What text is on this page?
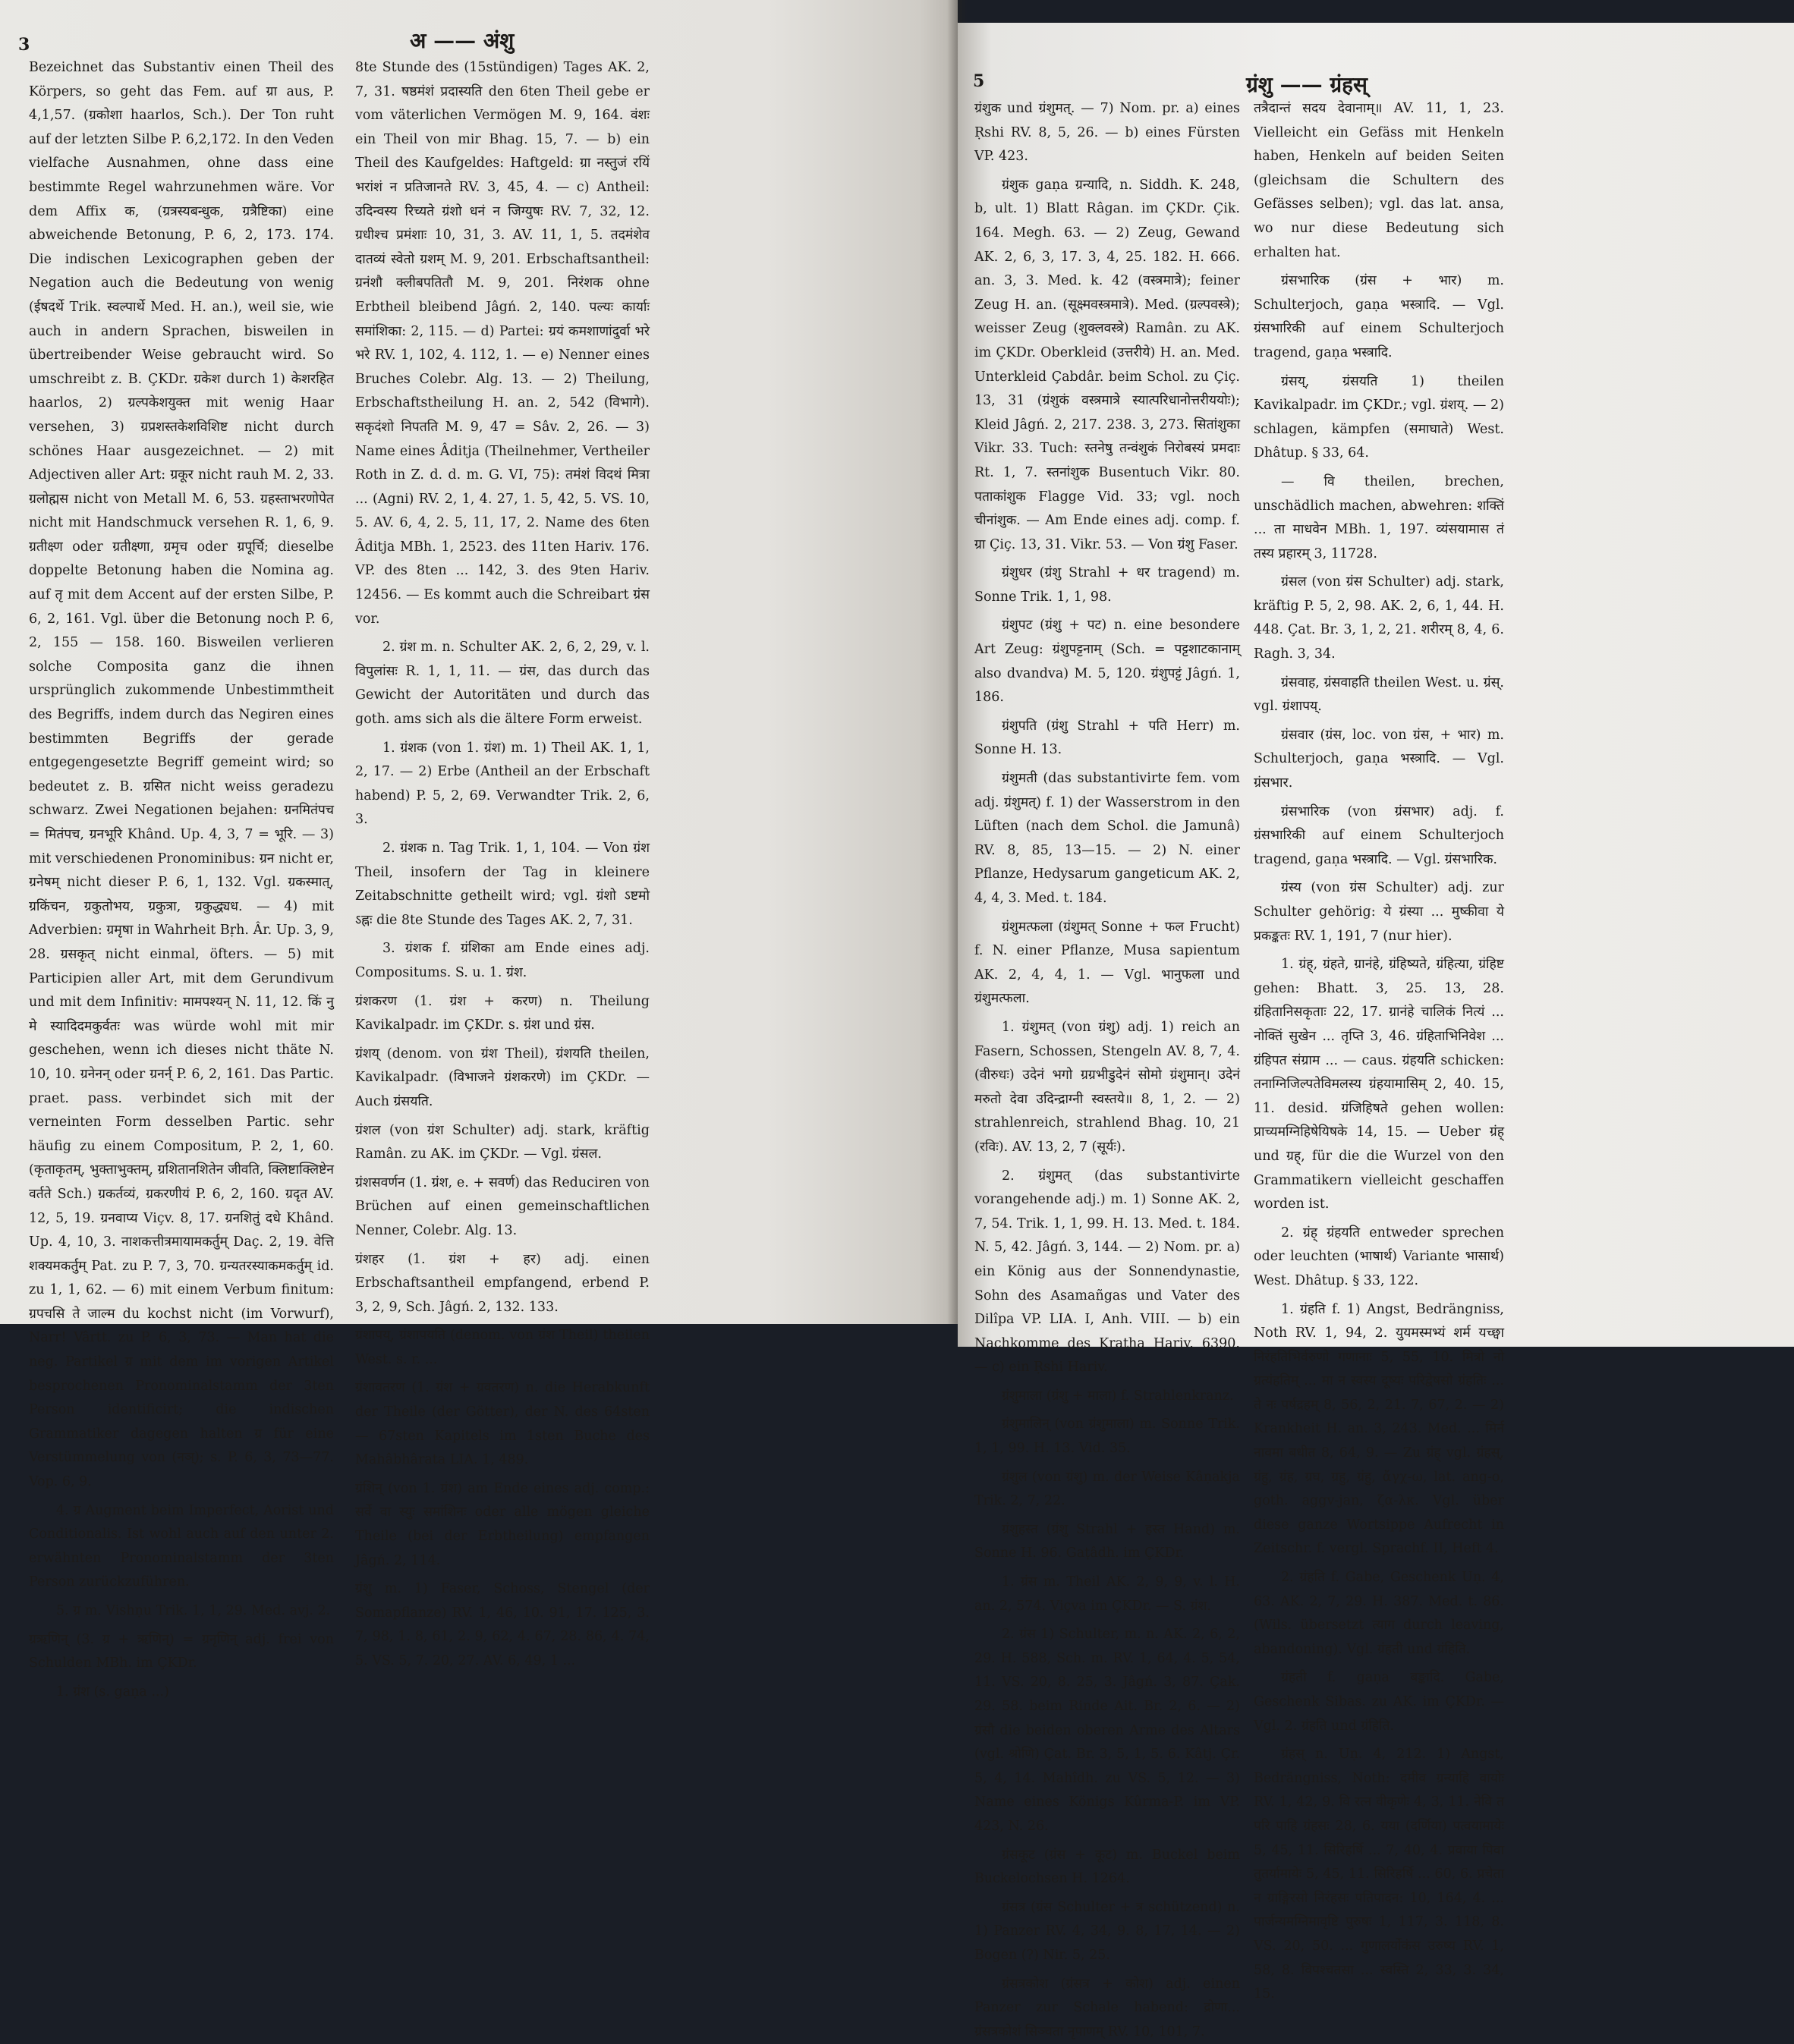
3	अ —— अंशु

Bezeichnet das Substantiv einen Theil des Körpers, so geht das Fem. auf ग्रा aus, P. 4,1,57. (ग्रकोशा haarlos, Sch.). Der Ton ruht auf der letzten Silbe P. 6,2,172. In den Veden vielfache Ausnahmen, ohne dass eine bestimmte Regel wahrzunehmen wäre. Vor dem Affix क, (ग्रत्रस्यबन्धुक, ग्रत्रैष्टिका) eine abweichende Betonung, P. 6, 2, 173. 174. Die indischen Lexicographen geben der Negation auch die Bedeutung von wenig (ईषदर्थे Trik. स्वल्पार्थे Med. H. an.), weil sie, wie auch in andern Sprachen, bisweilen in übertreibender Weise gebraucht wird. So umschreibt z. B. ÇKDr. ग्रकेश durch 1) केशरहित haarlos, 2) ग्रल्पकेशयुक्त mit wenig Haar versehen, 3) ग्रप्रशस्तकेशविशिष्ट nicht durch schönes Haar ausgezeichnet. — 2) mit Adjectiven aller Art: ग्रकूर nicht rauh M. 2, 33. ग्रलोह्मस nicht von Metall M. 6, 53. ग्रहस्ताभरणोपेत nicht mit Handschmuck versehen R. 1, 6, 9. ग्रतीक्ष्ण oder ग्रतीक्ष्णा, ग्रमृच oder ग्रपूर्चि; dieselbe doppelte Betonung haben die Nomina ag. auf तृ mit dem Accent auf der ersten Silbe, P. 6, 2, 161. Vgl. über die Betonung noch P. 6, 2, 155 — 158. 160. Bisweilen verlieren solche Composita ganz die ihnen ursprünglich zukommende Unbestimmtheit des Begriffs, indem durch das Negiren eines bestimmten Begriffs der gerade entgegengesetzte Begriff gemeint wird; so bedeutet z. B. ग्रसित nicht weiss geradezu schwarz. Zwei Negationen bejahen: ग्रनमितंपच = मितंपच, ग्रनभूरि Khând. Up. 4, 3, 7 = भूरि. — 3) mit verschiedenen Pronominibus: ग्रन nicht er, ग्रनेषम् nicht dieser P. 6, 1, 132. Vgl. ग्रकस्मात्, ग्रकिंचन, ग्रकुतोभय, ग्रकुत्रा, ग्रकुद्ध्यध. — 4) mit Adverbien: ग्रमृषा in Wahrheit Bṛh. Âr. Up. 3, 9, 28. ग्रसकृत् nicht einmal, öfters. — 5) mit Participien aller Art, mit dem Gerundivum und mit dem Infinitiv: मामपश्यन् N. 11, 12. किं नु मे स्यादिदमकुर्वतः was würde wohl mit mir geschehen, wenn ich dieses nicht thäte N. 10, 10. ग्रनेनन् oder ग्रनर्न् P. 6, 2, 161. Das Partic. praet. pass. verbindet sich mit der verneinten Form desselben Partic. sehr häufig zu einem Compositum, P. 2, 1, 60. (कृताकृतम्, भुक्ताभुक्तम्, ग्रशितानशितेन जीवति, क्लिष्टाक्लिष्टेन वर्तते Sch.) ग्रकर्तव्यं, ग्रकरणीयं P. 6, 2, 160. ग्रदृत AV. 12, 5, 19. ग्रनवाप्य Viçv. 8, 17. ग्रनशितुं दधे Khând. Up. 4, 10, 3. नाशकत्तीत्रमायामकर्तुम् Daç. 2, 19. वेत्ति शक्यमकर्तुम् Pat. zu P. 7, 3, 70. ग्रन्यतरस्याकमकर्तुम् id. zu 1, 1, 62. — 6) mit einem Verbum finitum: ग्रपचसि ते जाल्म du kochst nicht (im Vorwurf), Narr! Vârtt. zu P. 6, 3, 73. — Man hat die neg. Partikel ग्र mit dem im vorigen Artikel besprochenen Pronominalstamm der 3ten Person identificirt; die indischen Grammatiker dagegen halten ग्र für eine Verstümmelung von (नञ्); s. P. 6, 3, 73—77. Vop. 6, 9.

4. ग्र Augment beim Imperfect, Aorist und Conditionalis. Ist wohl auch auf den unter 2. erwähnten Pronominalstamm der 3ten Person zurückzuführen.

5. ग्र m. Vishṇu Trik. 1, 1, 29. Med. avj. 2.

ग्रऋणिन् (3. ग्र + ऋणिन्) = ग्रनृणिन् adj. frei von Schulden MBh. im ÇKDr.

1. ग्रंश (s. gaṇa ...)

8te Stunde des (15stündigen) Tages AK. 2, 7, 31. षष्ठमंशं प्रदास्यति den 6ten Theil gebe er vom väterlichen Vermögen M. 9, 164. वंशः ein Theil von mir Bhag. 15, 7. — b) ein Theil des Kaufgeldes: Haftgeld: ग्रा नस्तुजं रयिं भरांशं न प्रतिजानते RV. 3, 45, 4. — c) Antheil: उदिन्वस्य रिच्यते ग्रंशो धनं न जिग्युषः RV. 7, 32, 12. ग्रधीश्च प्रमंशाः 10, 31, 3. AV. 11, 1, 5. तदमंशेव दातव्यं स्वेतो ग्रशम् M. 9, 201. Erbschaftsantheil: ग्रनंशौ क्लीबपतितौ M. 9, 201. निरंशक ohne Erbtheil bleibend Jâgń. 2, 140. पल्यः कार्याः समांशिका: 2, 115. — d) Partei: ग्रयं कमशाणांदुर्वा भरे भरे RV. 1, 102, 4. 112, 1. — e) Nenner eines Bruches Colebr. Alg. 13. — 2) Theilung, Erbschaftstheilung H. an. 2, 542 (विभागे). सकृदंशो निपतति M. 9, 47 = Sâv. 2, 26. — 3) Name eines Âditja (Theilnehmer, Vertheiler Roth in Z. d. d. m. G. VI, 75): तमंशं विदथं मित्रा ... (Agni) RV. 2, 1, 4. 27, 1. 5, 42, 5. VS. 10, 5. AV. 6, 4, 2. 5, 11, 17, 2. Name des 6ten Âditja MBh. 1, 2523. des 11ten Hariv. 176. VP. des 8ten ... 142, 3. des 9ten Hariv. 12456. — Es kommt auch die Schreibart ग्रंस vor.

2. ग्रंश m. n. Schulter AK. 2, 6, 2, 29, v. l. विपुलांसः R. 1, 1, 11. — ग्रंस, das durch das Gewicht der Autoritäten und durch das goth. ams sich als die ältere Form erweist.

1. ग्रंशक (von 1. ग्रंश) m. 1) Theil AK. 1, 1, 2, 17. — 2) Erbe (Antheil an der Erbschaft habend) P. 5, 2, 69. Verwandter Trik. 2, 6, 3.

2. ग्रंशक n. Tag Trik. 1, 1, 104. — Von ग्रंश Theil, insofern der Tag in kleinere Zeitabschnitte getheilt wird; vgl. ग्रंशो ऽष्टमो ऽह्नः die 8te Stunde des Tages AK. 2, 7, 31.

3. ग्रंशक f. ग्रंशिका am Ende eines adj. Compositums. S. u. 1. ग्रंश.

ग्रंशकरण (1. ग्रंश + करण) n. Theilung Kavikalpadr. im ÇKDr. s. ग्रंश und ग्रंस.

ग्रंशय् (denom. von ग्रंश Theil), ग्रंशयति theilen, Kavikalpadr. (विभाजने ग्रंशकरणे) im ÇKDr. — Auch ग्रंसयति.

ग्रंशल (von ग्रंश Schulter) adj. stark, kräftig Ramân. zu AK. im ÇKDr. — Vgl. ग्रंसल.

ग्रंशसवर्णन (1. ग्रंश, e. + सवर्ण) das Reduciren von Brüchen auf einen gemeinschaftlichen Nenner, Colebr. Alg. 13.

ग्रंशहर (1. ग्रंश + हर) adj. einen Erbschaftsantheil empfangend, erbend P. 3, 2, 9, Sch. Jâgń. 2, 132. 133.

ग्रंशापय्, ग्रंशापयति (denom. von ग्रंश Theil) theilen West. s. r. ...

ग्रंशावतरण (1. ग्रंश + ग्रवतरण) n. die Herabkunft der Theile (der Götter), der N. des 64sten — 67sten Kapitels im 1sten Buche des Mahâbhârata LIA. 1, 489.

ग्रंशिन् (von 1. ग्रंश) am Ende eines adj. comp.: सर्वे वा स्युः समांशिनः oder alle mögen gleiche Theile (bei der Erbtheilung) empfangen Jâgń. 2, 114.

ग्रंशु m. 1) Faser, Schoss, Stengel (der Somapflanze) RV. 1, 46, 10. 91, 17. 125, 3. 7, 98, 1. 8, 61, 2. 9, 62, 4. 67, 28. 86, 4. 74, 5. VS. 5, 7. 20, 27. AV. 6, 49, 1 ...

5	ग्रंशु —— ग्रंहस्

ग्रंशुक und ग्रंशुमत्. — 7) Nom. pr. a) eines Ṛshi RV. 8, 5, 26. — b) eines Fürsten VP. 423.

ग्रंशुक gaṇa ग्रन्यादि, n. Siddh. K. 248, b, ult. 1) Blatt Râgan. im ÇKDr. Çik. 164. Megh. 63. — 2) Zeug, Gewand AK. 2, 6, 3, 17. 3, 4, 25. 182. H. 666. an. 3, 3. Med. k. 42 (वस्त्रमात्रे); feiner Zeug H. an. (सूक्ष्मवस्त्रमात्रे). Med. (ग्रल्पवस्त्रे); weisser Zeug (शुक्लवस्त्रे) Ramân. zu AK. im ÇKDr. Oberkleid (उत्तरीये) H. an. Med. Unterkleid Çabdâr. beim Schol. zu Çiç. 13, 31 (ग्रंशुकं वस्त्रमात्रे स्यात्परिधानोत्तरीययोः); Kleid Jâgń. 2, 217. 238. 3, 273. सितांशुका Vikr. 33. Tuch: स्तनेषु तन्वंशुकं निरोबस्यं प्रमदाः Rt. 1, 7. स्तनांशुक Busentuch Vikr. 80. पताकांशुक Flagge Vid. 33; vgl. noch चीनांशुक. — Am Ende eines adj. comp. f. ग्रा Çiç. 13, 31. Vikr. 53. — Von ग्रंशु Faser.

ग्रंशुधर (ग्रंशु Strahl + धर tragend) m. Sonne Trik. 1, 1, 98.

ग्रंशुपट (ग्रंशु + पट) n. eine besondere Art Zeug: ग्रंशुपट्टनाम् (Sch. = पट्टशाटकानाम् also dvandva) M. 5, 120. ग्रंशुपट्टं Jâgń. 1, 186.

ग्रंशुपति (ग्रंशु Strahl + पति Herr) m. Sonne H. 13.

ग्रंशुमती (das substantivirte fem. vom adj. ग्रंशुमत्) f. 1) der Wasserstrom in den Lüften (nach dem Schol. die Jamunâ) RV. 8, 85, 13—15. — 2) N. einer Pflanze, Hedysarum gangeticum AK. 2, 4, 4, 3. Med. t. 184.

ग्रंशुमत्फला (ग्रंशुमत् Sonne + फल Frucht) f. N. einer Pflanze, Musa sapientum AK. 2, 4, 4, 1. — Vgl. भानुफला und ग्रंशुमत्फला.

1. ग्रंशुमत् (von ग्रंशु) adj. 1) reich an Fasern, Schossen, Stengeln AV. 8, 7, 4. (वीरुधः) उदेनं भगो ग्रग्रभीडुदेनं सोमो ग्रंशुमान्। उदेनं मरुतो देवा उदिन्द्राग्नी स्वस्तये॥ 8, 1, 2. — 2) strahlenreich, strahlend Bhag. 10, 21 (रविः). AV. 13, 2, 7 (सूर्यः).

2. ग्रंशुमत् (das substantivirte vorangehende adj.) m. 1) Sonne AK. 2, 7, 54. Trik. 1, 1, 99. H. 13. Med. t. 184. N. 5, 42. Jâgń. 3, 144. — 2) Nom. pr. a) ein König aus der Sonnendynastie, Sohn des Asamañgas und Vater des Dilîpa VP. LIA. I, Anh. VIII. — b) ein Nachkomme des Kratha Hariv. 6390. — c) ein Ṛshi Hariv.

ग्रंशुमाला (ग्रंशु + माला) f. Strahlenkranz.

ग्रंशुमालिन् (von ग्रंशुमाला) m. Sonne Trik. 1, 1, 99. H. 13. Vid. 35.

ग्रंशुल (von ग्रंशु) m. der Weise Kâṇakja Trik. 2, 7, 22.

ग्रंशुहस्त (ग्रंशु Strahl + हस्त Hand) m. Sonne H. 96. Gaṭâdh. im ÇKDr.

1. ग्रंस m. Theil AK. 2, 9, 9, v. l. H. an. 2, 574. Viçva im ÇKDr. — S. ग्रंश.

2. ग्रंस 1) Schulter, m. n. AK. 2, 6, 2, 29. H. 588, Sch. m. RV. 1, 64, 4. 5, 54, 11. VS. 20, 8. 25, 3. Jâgń. 3, 87. Çak. 29. 58. beim Rinde Ait. Br. 2, 6. — 2) ग्रंसौ die beiden oberen Arme des Altars (vgl. श्रोणि) Çat. Br. 3, 5, 1, 5. 6. Kâtj. Çr. 5, 4, 14. Mahîdh. zu VS. 5, 12. — 3) Name eines Königs Kûrma-P. im VP. 423, N. 26.

ग्रंसकूट (ग्रंस + कूट) m. Buckel beim Buckelochsen H. 1264.

ग्रंसत्र (ग्रंस Schulter + त्र schützend) n. 1) Panzer RV. 4, 34, 9. 8, 17, 14. — 2) Bogen (?) Nir. 5, 25.

ग्रंसत्रकोश (ग्रंसत्र + कोश) adj. einen Panzer zur Schale habend: द्रोणा... ग्रंसत्रकोशं सिञ्चता नृपाणम् RV. 10, 101, 7.

तत्रैदान्तं सदय देवानाम्॥ AV. 11, 1, 23. Vielleicht ein Gefäss mit Henkeln haben, Henkeln auf beiden Seiten (gleichsam die Schultern des Gefässes selben); vgl. das lat. ansa, wo nur diese Bedeutung sich erhalten hat.

ग्रंसभारिक (ग्रंस + भार) m. Schulterjoch, gaṇa भस्त्रादि. — Vgl. ग्रंसभारिकी auf einem Schulterjoch tragend, gaṇa भस्त्रादि.

ग्रंसय्, ग्रंसयति 1) theilen Kavikalpadr. im ÇKDr.; vgl. ग्रंशय्. — 2) schlagen, kämpfen (समाघाते) West. Dhâtup. § 33, 64.

— वि theilen, brechen, unschädlich machen, abwehren: शक्तिं ... ता माधवेन MBh. 1, 197. व्यंसयामास तं तस्य प्रहारम् 3, 11728.

ग्रंसल (von ग्रंस Schulter) adj. stark, kräftig P. 5, 2, 98. AK. 2, 6, 1, 44. H. 448. Çat. Br. 3, 1, 2, 21. शरीरम् 8, 4, 6. Ragh. 3, 34.

ग्रंसवाह, ग्रंसवाहति theilen West. u. ग्रंस्. vgl. ग्रंशापय्.

ग्रंसवार (ग्रंस, loc. von ग्रंस, + भार) m. Schulterjoch, gaṇa भस्त्रादि. — Vgl. ग्रंसभार.

ग्रंसभारिक (von ग्रंसभार) adj. f. ग्रंसभारिकी auf einem Schulterjoch tragend, gaṇa भस्त्रादि. — Vgl. ग्रंसभारिक.

ग्रंस्य (von ग्रंस Schulter) adj. zur Schulter gehörig: ये ग्रंस्या ... मुष्कीवा ये प्रकङ्कतः RV. 1, 191, 7 (nur hier).

1. ग्रंह्, ग्रंहते, ग्रानंहे, ग्रंहिष्यते, ग्रंहित्या, ग्रंहिष्ट gehen: Bhatt. 3, 25. 13, 28. ग्रंहितानिसकृताः 22, 17. ग्रानंहे चालिकं नित्यं ... नोक्तिं सुखेन ... तृप्ति 3, 46. ग्रंहिताभिनिवेश ... ग्रंहिपत संग्राम ... — caus. ग्रंहयति schicken: तनाग्निजिल्पतेविमलस्य ग्रंहयामासिम् 2, 40. 15, 11. desid. ग्रंजिहिषते gehen wollen: प्राच्यमग्निहिषेयिषके 14, 15. — Ueber ग्रंह् und ग्रह्, für die die Wurzel von den Grammatikern vielleicht geschaffen worden ist.

2. ग्रंह् ग्रंहयति entweder sprechen oder leuchten (भाषार्थ) Variante भासार्थ) West. Dhâtup. § 33, 122.

1. ग्रंहति f. 1) Angst, Bedrängniss, Noth RV. 1, 94, 2. युयमस्मभ्यं शर्म यच्छ्वा निरंहतिभिर्वरुणो गणानाः 5, 55, 10. मित्रो नो ग्रत्यंहतिम् ... मा न स्वस्य दूष्यः परिद्वेषसो ग्रंहतिः ... ते नः पर्षद्रहम् 8, 56, 2, 21. 7, 67, 2. — 2) Krankheit H. an. 3, 243. Med. ... मिर्न नावमा बधीत 8, 64, 9. — Zu ग्रंह् vgl. ग्रंहस्, ग्रंहु, ग्रंह, ग्रघ, ग्रहु, ग्रंहु, ἄγχ-ω, lat. ang-o, goth. aggv-jan, ζα-λκ. Vgl. über diese ganze Wortsippe Aufrecht in Zeitschr. f. vergl. Sprachf. II, Heft 4.

2. ग्रंहति f. Gabe, Geschenk Uṇ. 4, 63. AK. 2, 7, 29. H. 387. Med. t. 86. (Wils. übersetzt त्याग durch leaving, abandoning). Vgl. ग्रंहती und ग्रंहिति.

ग्रंहती f. gaṇa बङ्कादि. Gabe, Geschenk Sibas. zu AK. im ÇKDr. — Vgl. 2. ग्रंहति und ग्रंहिति.

ग्रंहस् n. Uṇ. 4, 212. 1) Angst, Bedrängniss, Noth: दमीव ग्रन्याहि वायोः RV. 1, 42, 9. वि रत्न वीकृणेः 4, 3, 11. नेवि त परि पाहि ग्रंहसः 28, 6. यया (दर्णिया) पत्वयामायेः 5, 45, 11. सिरिहर्षि ... 7, 40, 4. प्रवाया पिवा तुतर्यामायेः 5, 45, 11. सिरिहर्षि ... 60, 6. प्रचेता न ग्राङ्गिरसो निरंहसः पतिपादन: 10, 164, 4. ... पार्जन्यमग्निमावृष्टि पुरुषः 1, 117, 3. 118, 8. VS. 20, 50. ... गुणालर्योकंस उरुष्य RV. 1, 58, 8. विपश्चतसा ... स्वस्ति 2, 33, 3. 34, 15.
